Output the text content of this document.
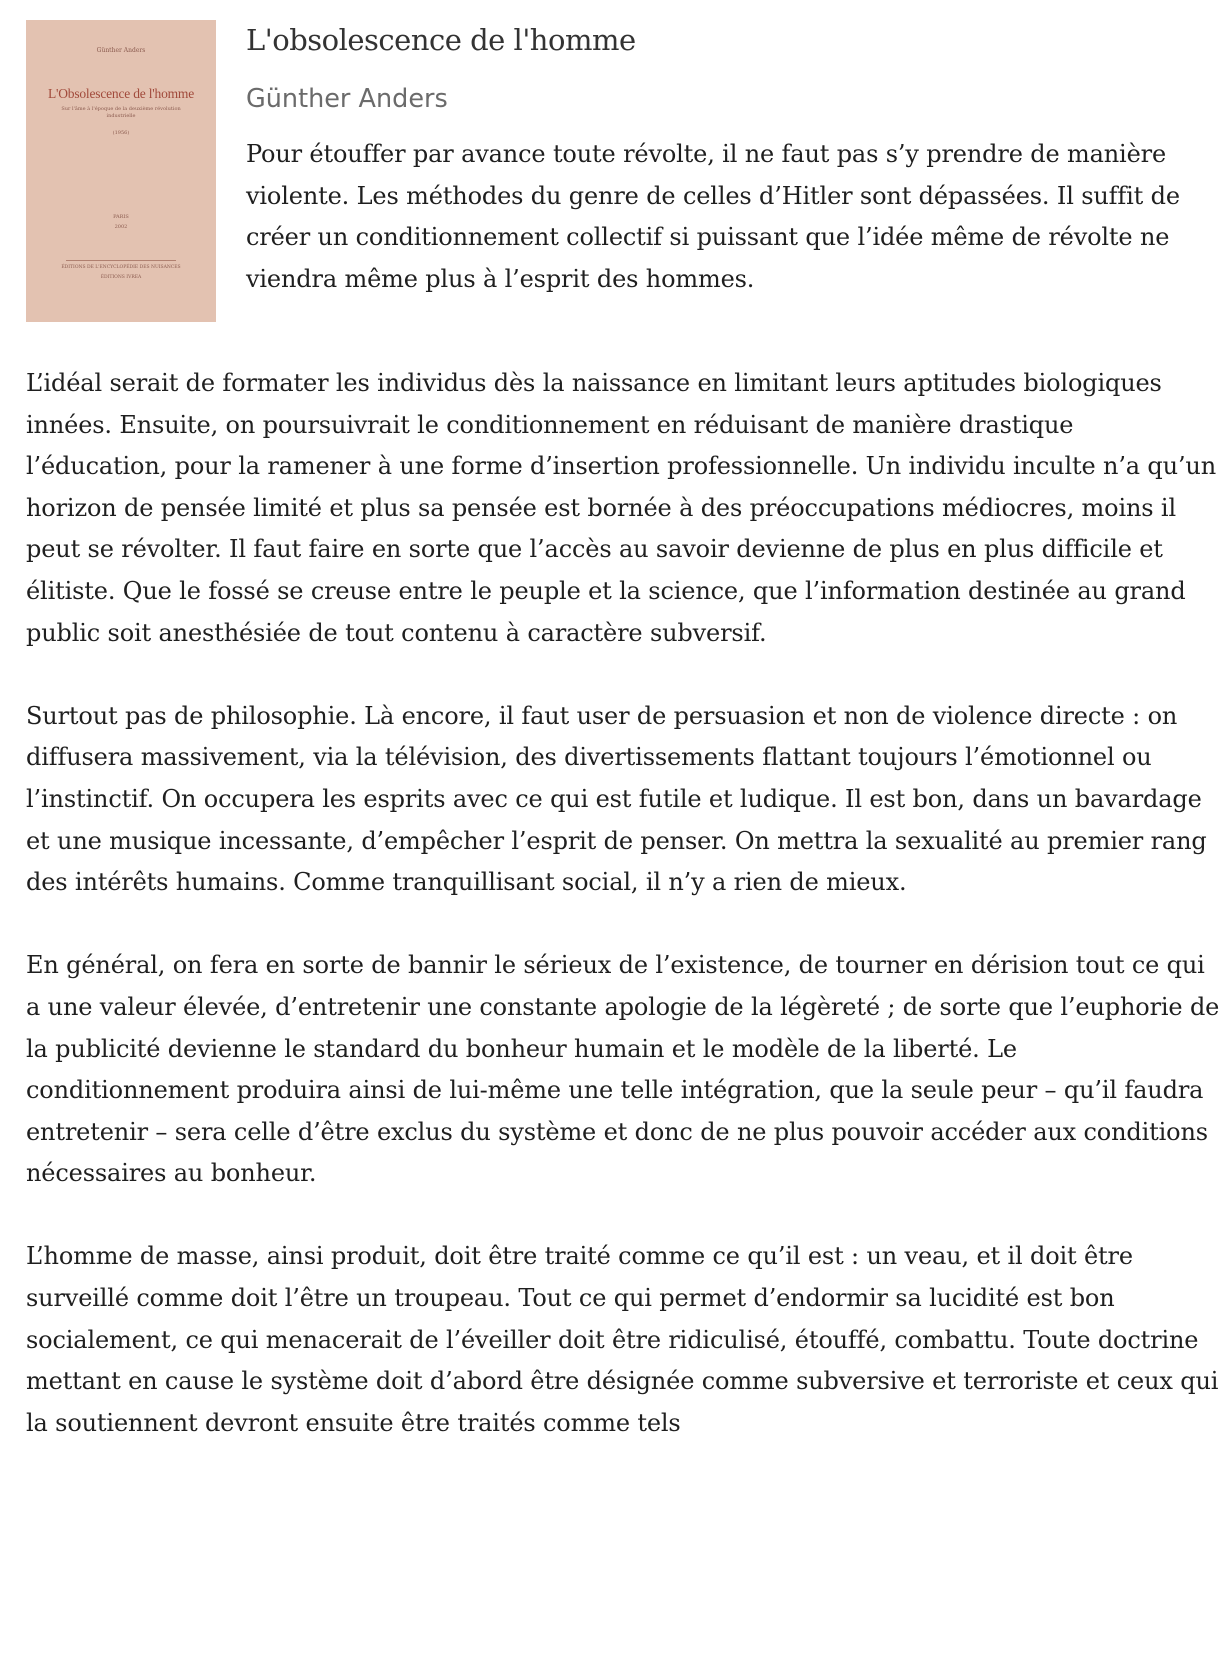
Günther Anders
L'Obsolescence de l'homme
Sur l'âme à l'époque de la deuxième révolution industrielle
(1956)
PARIS
2002
ÉDITIONS DE L'ENCYCLOPÉDIE DES NUISANCES
ÉDITIONS IVREA
L'obsolescence de l'homme
Günther Anders

Pour étouffer par avance toute révolte, il ne faut pas s’y prendre de manière violente. Les méthodes du genre de celles d’Hitler sont dépassées. Il suffit de créer un conditionnement collectif si puissant que l’idée même de révolte ne viendra même plus à l’esprit des hommes.

L’idéal serait de formater les individus dès la naissance en limitant leurs aptitudes biologiques innées. Ensuite, on poursuivrait le conditionnement en réduisant de manière drastique l’éducation, pour la ramener à une forme d’insertion professionnelle. Un individu inculte n’a qu’un horizon de pensée limité et plus sa pensée est bornée à des préoccupations médiocres, moins il peut se révolter. Il faut faire en sorte que l’accès au savoir devienne de plus en plus difficile et élitiste. Que le fossé se creuse entre le peuple et la science, que l’information destinée au grand public soit anesthésiée de tout contenu à caractère subversif.

Surtout pas de philosophie. Là encore, il faut user de persuasion et non de violence directe : on diffusera massivement, via la télévision, des divertissements flattant toujours l’émotionnel ou l’instinctif. On occupera les esprits avec ce qui est futile et ludique. Il est bon, dans un bavardage et une musique incessante, d’empêcher l’esprit de penser. On mettra la sexualité au premier rang des intérêts humains. Comme tranquillisant social, il n’y a rien de mieux.

En général, on fera en sorte de bannir le sérieux de l’existence, de tourner en dérision tout ce qui a une valeur élevée, d’entretenir une constante apologie de la légèreté ; de sorte que l’euphorie de la publicité devienne le standard du bonheur humain et le modèle de la liberté. Le conditionnement produira ainsi de lui-même une telle intégration, que la seule peur – qu’il faudra entretenir – sera celle d’être exclus du système et donc de ne plus pouvoir accéder aux conditions nécessaires au bonheur.

L’homme de masse, ainsi produit, doit être traité comme ce qu’il est : un veau, et il doit être surveillé comme doit l’être un troupeau. Tout ce qui permet d’endormir sa lucidité est bon socialement, ce qui menacerait de l’éveiller doit être ridiculisé, étouffé, combattu. Toute doctrine mettant en cause le système doit d’abord être désignée comme subversive et terroriste et ceux qui la soutiennent devront ensuite être traités comme tels
